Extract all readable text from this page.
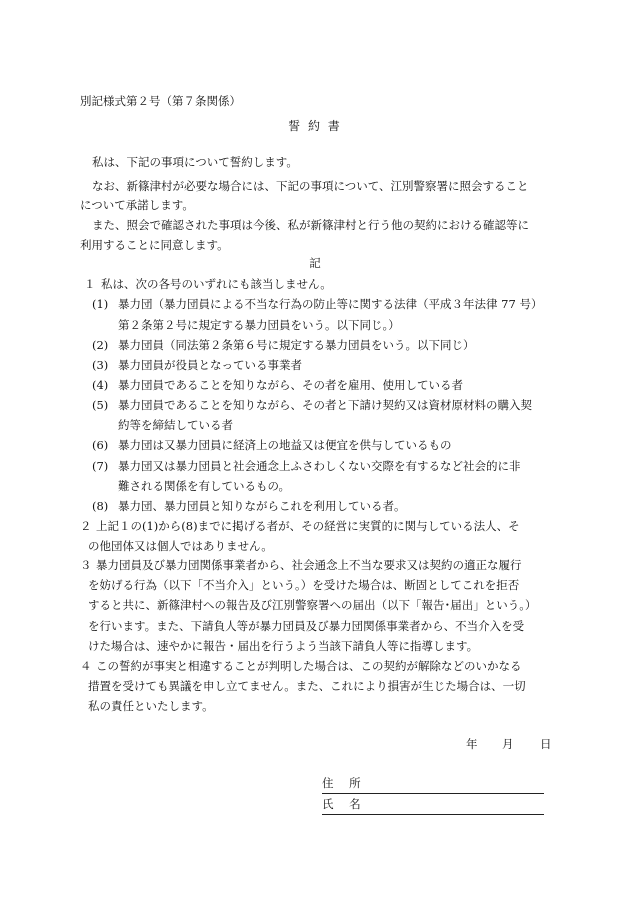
別記様式第２号（第７条関係）
誓 約 書
私は、下記の事項について誓約します。
なお、新篠津村が必要な場合には、下記の事項について、江別警察署に照会すること
について承諾します。
また、照会で確認された事項は今後、私が新篠津村と行う他の契約における確認等に
利用することに同意します。
記
１ 私は、次の各号のいずれにも該当しません。
(1) 暴力団（暴力団員による不当な行為の防止等に関する法律（平成３年法律 77 号）
第２条第２号に規定する暴力団員をいう。以下同じ。）
(2) 暴力団員（同法第２条第６号に規定する暴力団員をいう。以下同じ）
(3) 暴力団員が役員となっている事業者
(4) 暴力団員であることを知りながら、その者を雇用、使用している者
(5) 暴力団員であることを知りながら、その者と下請け契約又は資材原材料の購入契
約等を締結している者
(6) 暴力団は又暴力団員に経済上の地益又は便宜を供与しているもの
(7) 暴力団又は暴力団員と社会通念上ふさわしくない交際を有するなど社会的に非
難される関係を有しているもの。
(8) 暴力団、暴力団員と知りながらこれを利用している者。
２ 上記１の(1)から(8)までに掲げる者が、その経営に実質的に関与している法人、そ
の他団体又は個人ではありません。
３ 暴力団員及び暴力団関係事業者から、社会通念上不当な要求又は契約の適正な履行
を妨げる行為（以下「不当介入」という。）を受けた場合は、断固としてこれを拒否
すると共に、新篠津村への報告及び江別警察署への届出（以下「報告･届出」という。）
を行います。また、下請負人等が暴力団員及び暴力団関係事業者から、不当介入を受
けた場合は、速やかに報告・届出を行うよう当該下請負人等に指導します。
４ この誓約が事実と相違することが判明した場合は、この契約が解除などのいかなる
措置を受けても異議を申し立てません。また、これにより損害が生じた場合は、一切
私の責任といたします。
年 月 日
住 所
氏 名
